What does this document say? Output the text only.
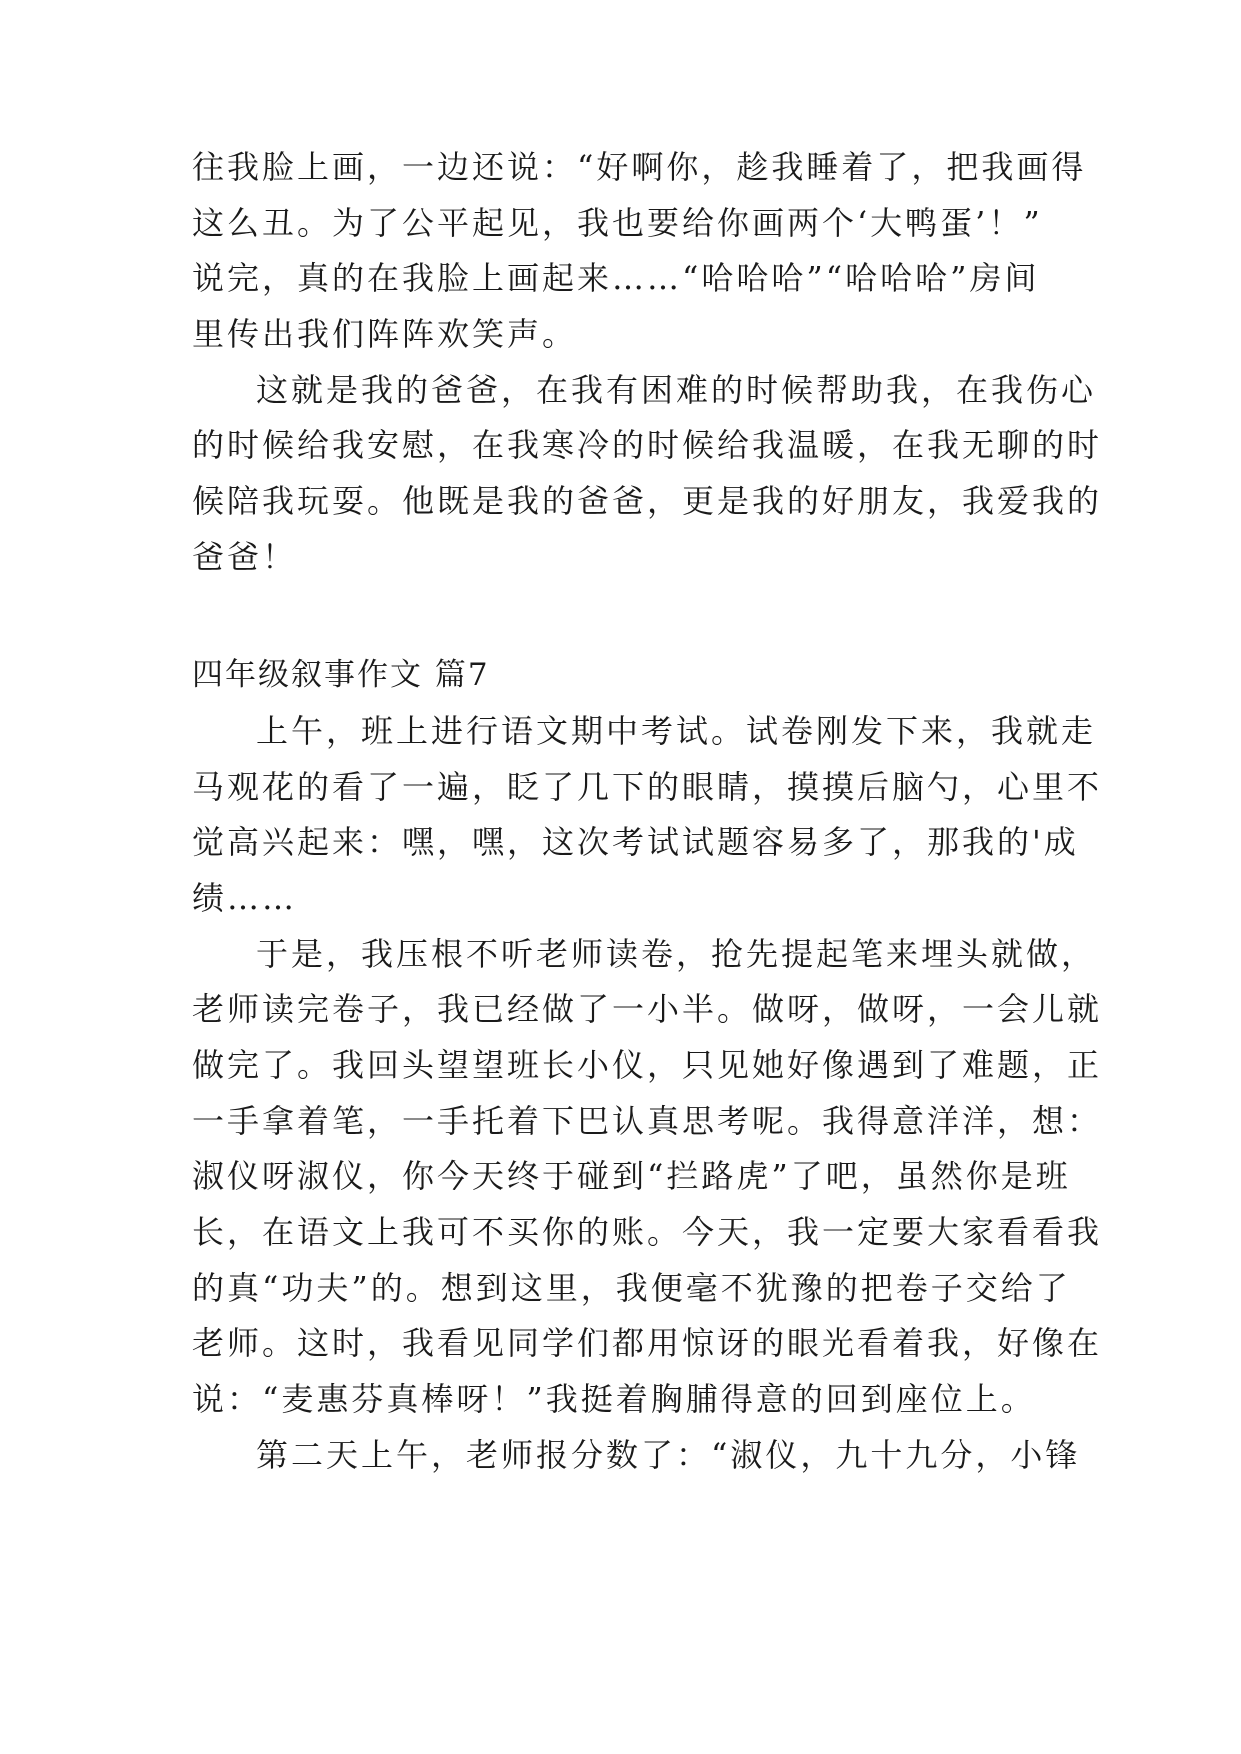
往我脸上画，一边还说：“好啊你，趁我睡着了，把我画得
这么丑。为了公平起见，我也要给你画两个‘大鸭蛋’！”
说完，真的在我脸上画起来……“哈哈哈”“哈哈哈”房间
里传出我们阵阵欢笑声。
这就是我的爸爸，在我有困难的时候帮助我，在我伤心
的时候给我安慰，在我寒冷的时候给我温暖，在我无聊的时
候陪我玩耍。他既是我的爸爸，更是我的好朋友，我爱我的
爸爸！
四年级叙事作文 篇7
上午，班上进行语文期中考试。试卷刚发下来，我就走
马观花的看了一遍，眨了几下的眼睛，摸摸后脑勺，心里不
觉高兴起来：嘿，嘿，这次考试试题容易多了，那我的'成
绩……
于是，我压根不听老师读卷，抢先提起笔来埋头就做，
老师读完卷子，我已经做了一小半。做呀，做呀，一会儿就
做完了。我回头望望班长小仪，只见她好像遇到了难题，正
一手拿着笔，一手托着下巴认真思考呢。我得意洋洋，想：
淑仪呀淑仪，你今天终于碰到“拦路虎”了吧，虽然你是班
长，在语文上我可不买你的账。今天，我一定要大家看看我
的真“功夫”的。想到这里，我便毫不犹豫的把卷子交给了
老师。这时，我看见同学们都用惊讶的眼光看着我，好像在
说：“麦惠芬真棒呀！”我挺着胸脯得意的回到座位上。
第二天上午，老师报分数了：“淑仪，九十九分，小锋
